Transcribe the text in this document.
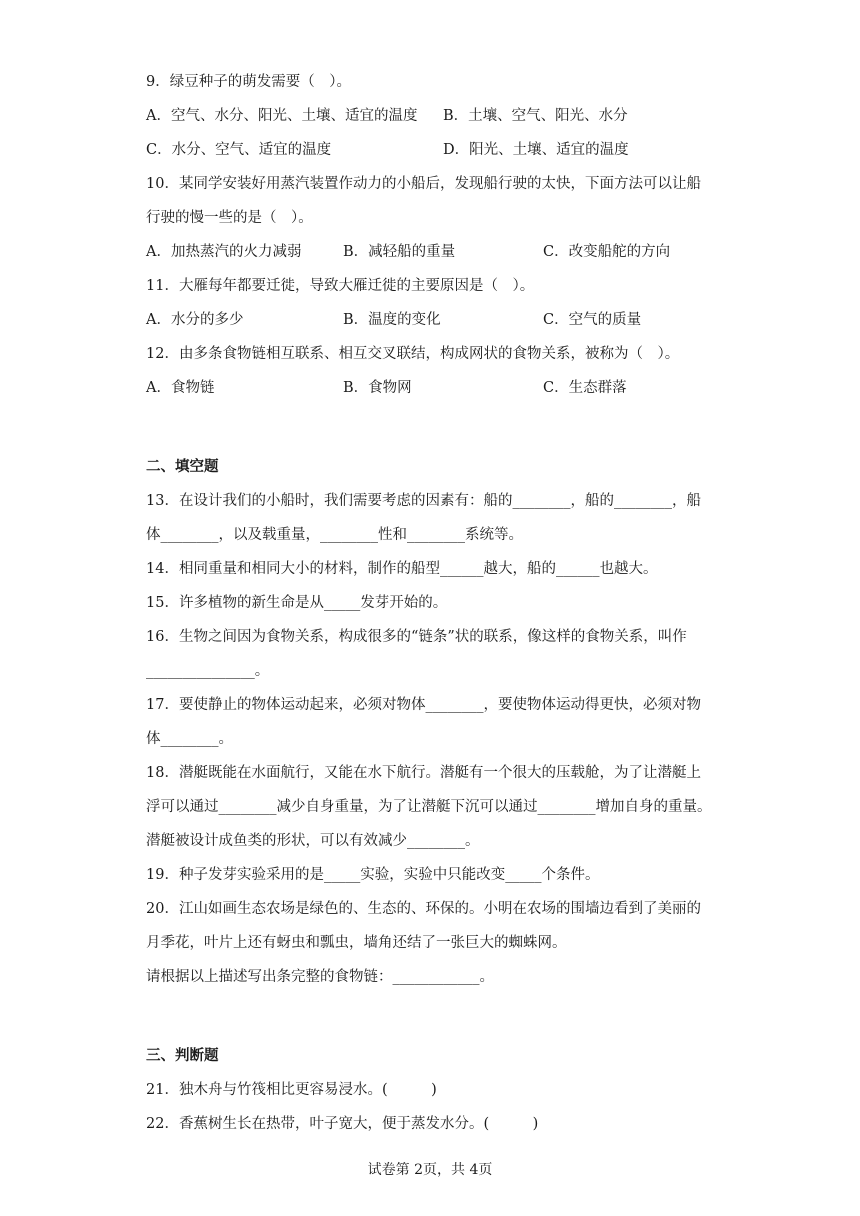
9．绿豆种子的萌发需要（　）。
A．空气、水分、阳光、土壤、适宜的温度 B．土壤、空气、阳光、水分
C．水分、空气、适宜的温度	D．阳光、土壤、适宜的温度
10．某同学安装好用蒸汽装置作动力的小船后，发现船行驶的太快，下面方法可以让船
行驶的慢一些的是（　）。
A．加热蒸汽的火力减弱	B．减轻船的重量	C．改变船舵的方向
11．大雁每年都要迁徙，导致大雁迁徙的主要原因是（　）。
A．水分的多少	B．温度的变化	C．空气的质量
12．由多条食物链相互联系、相互交叉联结，构成网状的食物关系，被称为（　）。
A．食物链	B．食物网	C．生态群落
二、填空题
13．在设计我们的小船时，我们需要考虑的因素有：船的________，船的________，船
体________，以及载重量，________性和________系统等。
14．相同重量和相同大小的材料，制作的船型______越大，船的______也越大。
15．许多植物的新生命是从_____发芽开始的。
16．生物之间因为食物关系，构成很多的“链条”状的联系，像这样的食物关系，叫作
_______________。
17．要使静止的物体运动起来，必须对物体________，要使物体运动得更快，必须对物
体________。
18．潜艇既能在水面航行，又能在水下航行。潜艇有一个很大的压载舱，为了让潜艇上
浮可以通过________减少自身重量，为了让潜艇下沉可以通过________增加自身的重量。
潜艇被设计成鱼类的形状，可以有效减少________。
19．种子发芽实验采用的是_____实验，实验中只能改变_____个条件。
20．江山如画生态农场是绿色的、生态的、环保的。小明在农场的围墙边看到了美丽的
月季花，叶片上还有蚜虫和瓢虫，墙角还结了一张巨大的蜘蛛网。
请根据以上描述写出条完整的食物链：____________。
三、判断题
21．独木舟与竹筏相比更容易浸水。(　　　)
22．香蕉树生长在热带，叶子宽大，便于蒸发水分。(　　　)
试卷第 2页，共 4页
